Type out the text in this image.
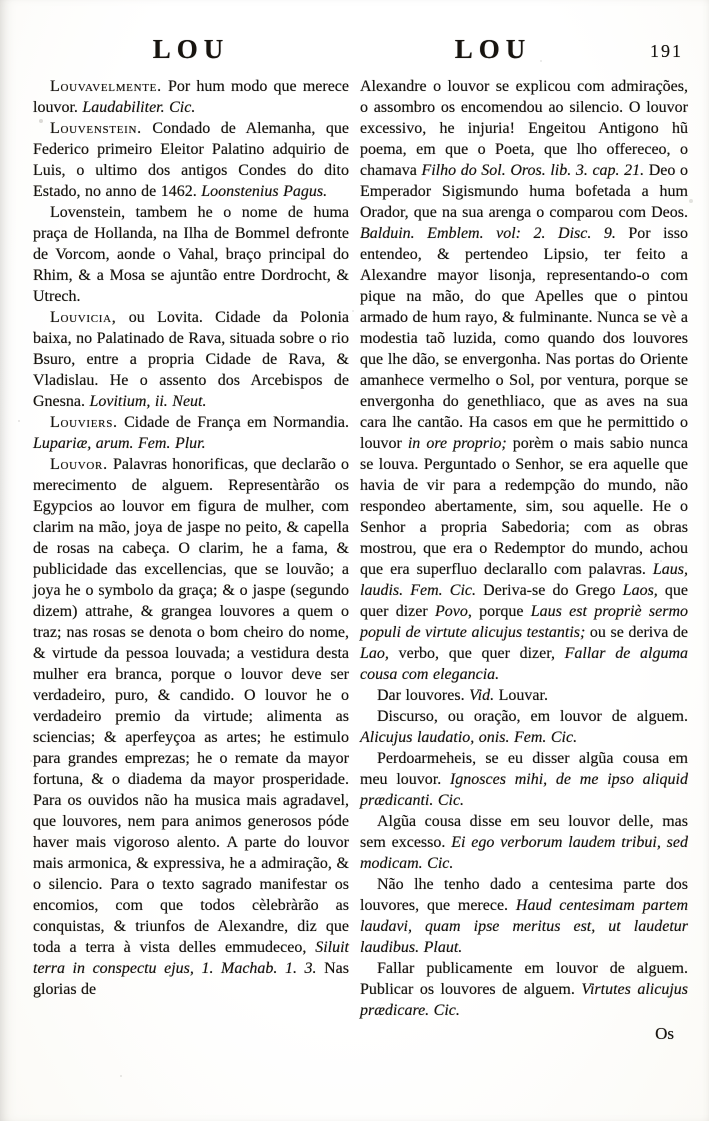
LOU	LOU	191

Louvavelmente. Por hum modo que merece louvor. Laudabiliter. Cic.

Louvenstein. Condado de Alemanha, que Federico primeiro Eleitor Palatino adquirio de Luis, o ultimo dos antigos Condes do dito Estado, no anno de 1462. Loonstenius Pagus.

Lovenstein, tambem he o nome de huma praça de Hollanda, na Ilha de Bommel defronte de Vorcom, aonde o Vahal, braço principal do Rhim, & a Mosa se ajuntão entre Dordrocht, & Utrech.

Louvicia, ou Lovita. Cidade da Polonia baixa, no Palatinado de Rava, situada sobre o rio Bsuro, entre a propria Cidade de Rava, & Vladislau. He o assento dos Arcebispos de Gnesna. Lovitium, ii. Neut.

Louviers. Cidade de França em Normandia. Lupariæ, arum. Fem. Plur.

Louvor. Palavras honorificas, que declarão o merecimento de alguem. Representàrão os Egypcios ao louvor em figura de mulher, com clarim na mão, joya de jaspe no peito, & capella de rosas na cabeça. O clarim, he a fama, & publicidade das excellencias, que se louvão; a joya he o symbolo da graça; & o jaspe (segundo dizem) attrahe, & grangea louvores a quem o traz; nas rosas se denota o bom cheiro do nome, & virtude da pessoa louvada; a vestidura desta mulher era branca, porque o louvor deve ser verdadeiro, puro, & candido. O louvor he o verdadeiro premio da virtude; alimenta as sciencias; & aperfeyçoa as artes; he estimulo para grandes emprezas; he o remate da mayor fortuna, & o diadema da mayor prosperidade. Para os ouvidos não ha musica mais agradavel, que louvores, nem para animos generosos póde haver mais vigoroso alento. A parte do louvor mais armonica, & expressiva, he a admiração, & o silencio. Para o texto sagrado manifestar os encomios, com que todos cèlebràrão as conquistas, & triunfos de Alexandre, diz que toda a terra à vista delles emmudeceo, Siluit terra in conspectu ejus, 1. Machab. 1. 3. Nas glorias de

Alexandre o louvor se explicou com admirações, o assombro os encomendou ao silencio. O louvor excessivo, he injuria! Engeitou Antigono hũ poema, em que o Poeta, que lho offereceo, o chamava Filho do Sol. Oros. lib. 3. cap. 21. Deo o Emperador Sigismundo huma bofetada a hum Orador, que na sua arenga o comparou com Deos. Balduin. Emblem. vol: 2. Disc. 9. Por isso entendeo, & pertendeo Lipsio, ter feito a Alexandre mayor lisonja, representando-o com pique na mão, do que Apelles que o pintou armado de hum rayo, & fulminante. Nunca se vè a modestia taõ luzida, como quando dos louvores que lhe dão, se envergonha. Nas portas do Oriente amanhece vermelho o Sol, por ventura, porque se envergonha do genethliaco, que as aves na sua cara lhe cantão. Ha casos em que he permittido o louvor in ore proprio; porèm o mais sabio nunca se louva. Perguntado o Senhor, se era aquelle que havia de vir para a redempção do mundo, não respondeo abertamente, sim, sou aquelle. He o Senhor a propria Sabedoria; com as obras mostrou, que era o Redemptor do mundo, achou que era superfluo declarallo com palavras. Laus, laudis. Fem. Cic. Deriva-se do Grego Laos, que quer dizer Povo, porque Laus est propriè sermo populi de virtute alicujus testantis; ou se deriva de Lao, verbo, que quer dizer, Fallar de alguma cousa com elegancia.

Dar louvores. Vid. Louvar.

Discurso, ou oração, em louvor de alguem. Alicujus laudatio, onis. Fem. Cic.

Perdoarmeheis, se eu disser algũa cousa em meu louvor. Ignosces mihi, de me ipso aliquid prædicanti. Cic.

Algũa cousa disse em seu louvor delle, mas sem excesso. Ei ego verborum laudem tribui, sed modicam. Cic.

Não lhe tenho dado a centesima parte dos louvores, que merece. Haud centesimam partem laudavi, quam ipse meritus est, ut laudetur laudibus. Plaut.

Fallar publicamente em louvor de alguem. Publicar os louvores de alguem. Virtutes alicujus prædicare. Cic.

Os
